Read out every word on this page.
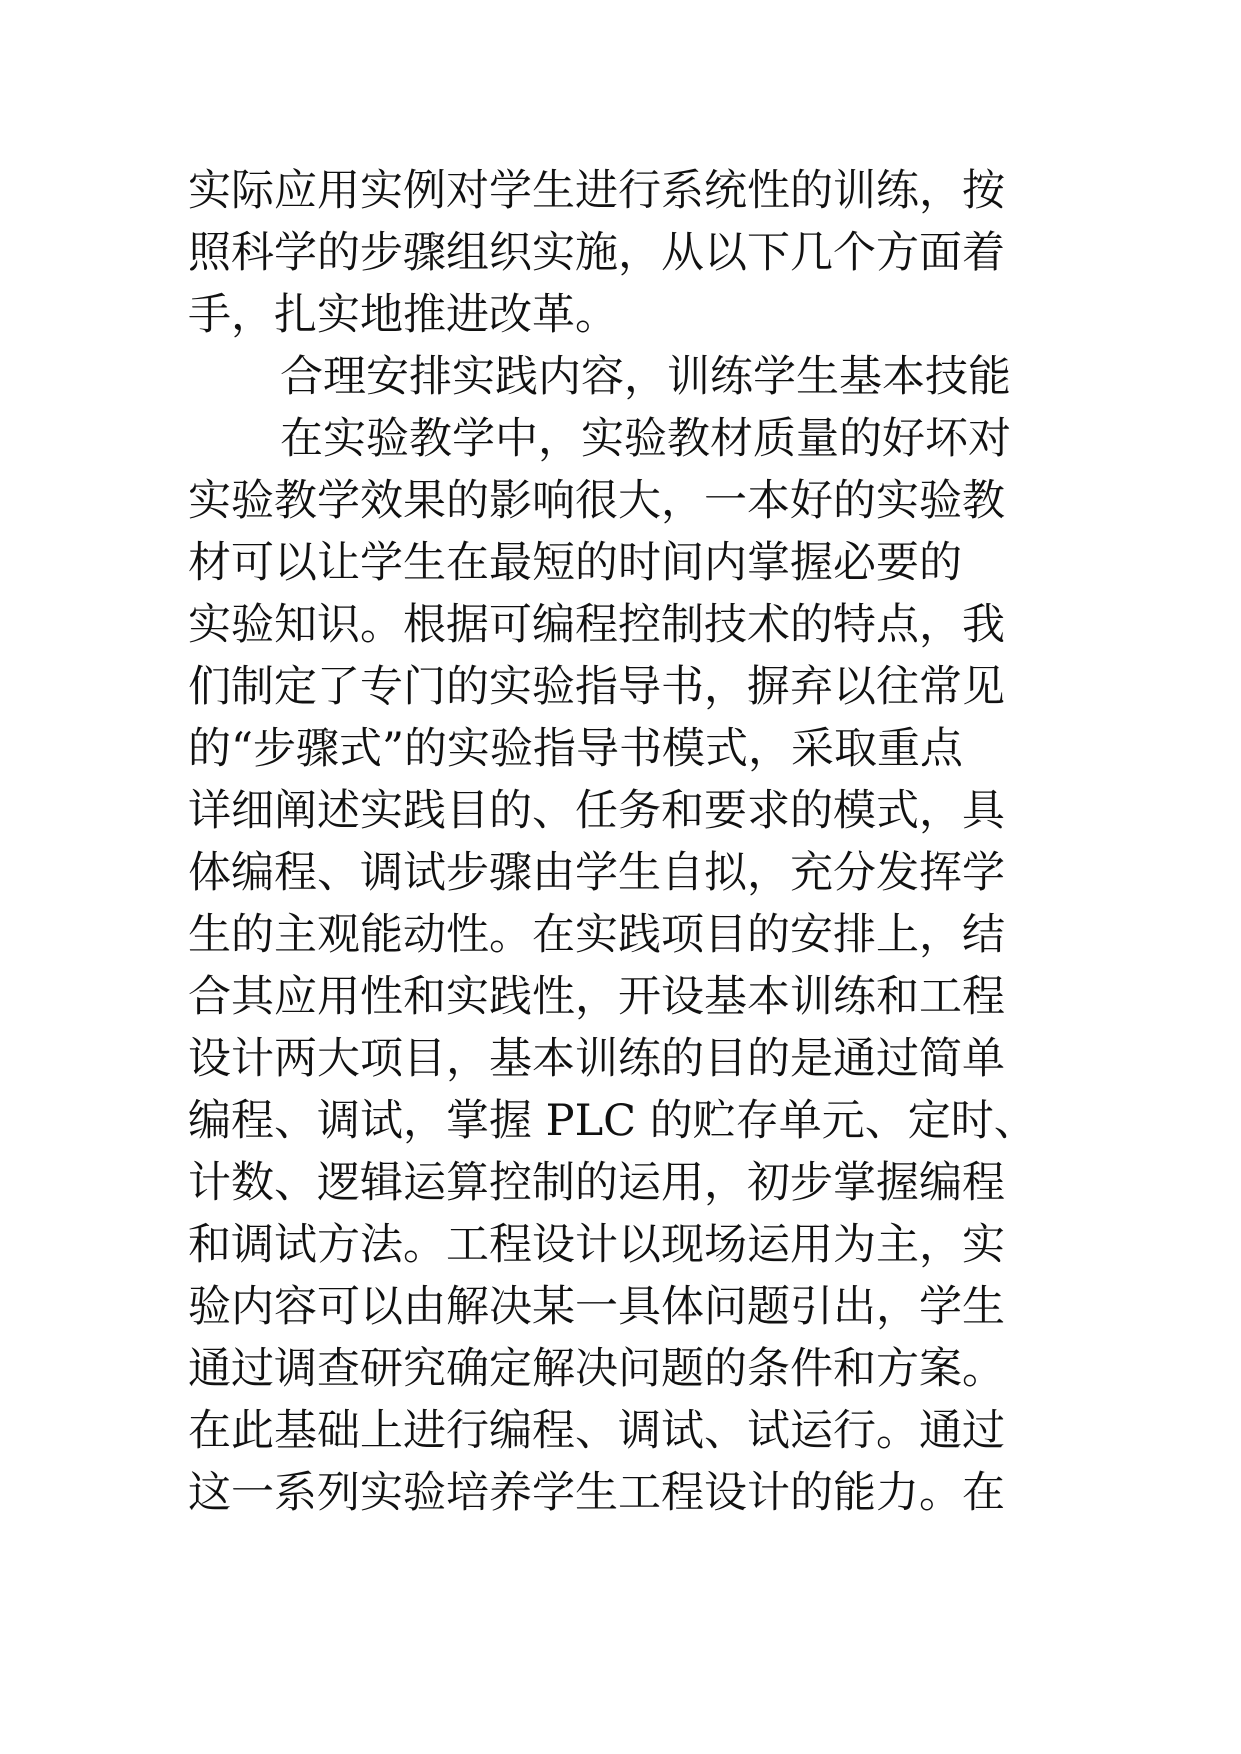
实际应用实例对学生进行系统性的训练，按
照科学的步骤组织实施，从以下几个方面着
手，扎实地推进改革。
合理安排实践内容，训练学生基本技能
在实验教学中，实验教材质量的好坏对
实验教学效果的影响很大，一本好的实验教
材可以让学生在最短的时间内掌握必要的
实验知识。根据可编程控制技术的特点，我
们制定了专门的实验指导书，摒弃以往常见
的“步骤式”的实验指导书模式，采取重点
详细阐述实践目的、任务和要求的模式，具
体编程、调试步骤由学生自拟，充分发挥学
生的主观能动性。在实践项目的安排上，结
合其应用性和实践性，开设基本训练和工程
设计两大项目，基本训练的目的是通过简单
编程、调试，掌握 PLC 的贮存单元、定时、
计数、逻辑运算控制的运用，初步掌握编程
和调试方法。工程设计以现场运用为主，实
验内容可以由解决某一具体问题引出，学生
通过调查研究确定解决问题的条件和方案。
在此基础上进行编程、调试、试运行。通过
这一系列实验培养学生工程设计的能力。在
